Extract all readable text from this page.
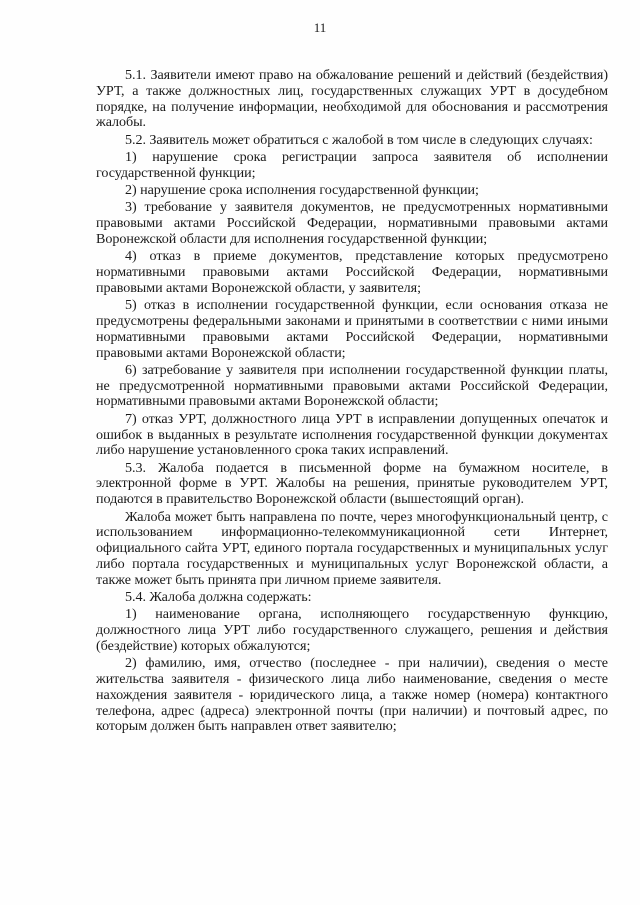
11

5.1. Заявители имеют право на обжалование решений и действий (бездействия) УРТ, а также должностных лиц, государственных служащих УРТ в досудебном порядке, на получение информации, необходимой для обоснования и рассмотрения жалобы.

5.2. Заявитель может обратиться с жалобой в том числе в следующих случаях:

1) нарушение срока регистрации запроса заявителя об исполнении государственной функции;

2) нарушение срока исполнения государственной функции;

3) требование у заявителя документов, не предусмотренных нормативными правовыми актами Российской Федерации, нормативными правовыми актами Воронежской области для исполнения государственной функции;

4) отказ в приеме документов, представление которых предусмотрено нормативными правовыми актами Российской Федерации, нормативными правовыми актами Воронежской области, у заявителя;

5) отказ в исполнении государственной функции, если основания отказа не предусмотрены федеральными законами и принятыми в соответствии с ними иными нормативными правовыми актами Российской Федерации, нормативными правовыми актами Воронежской области;

6) затребование у заявителя при исполнении государственной функции платы, не предусмотренной нормативными правовыми актами Российской Федерации, нормативными правовыми актами Воронежской области;

7) отказ УРТ, должностного лица УРТ в исправлении допущенных опечаток и ошибок в выданных в результате исполнения государственной функции документах либо нарушение установленного срока таких исправлений.

5.3. Жалоба подается в письменной форме на бумажном носителе, в электронной форме в УРТ. Жалобы на решения, принятые руководителем УРТ, подаются в правительство Воронежской области (вышестоящий орган).

Жалоба может быть направлена по почте, через многофункциональный центр, с использованием информационно-телекоммуникационной сети Интернет, официального сайта УРТ, единого портала государственных и муниципальных услуг либо портала государственных и муниципальных услуг Воронежской области, а также может быть принята при личном приеме заявителя.

5.4. Жалоба должна содержать:

1) наименование органа, исполняющего государственную функцию, должностного лица УРТ либо государственного служащего, решения и действия (бездействие) которых обжалуются;

2) фамилию, имя, отчество (последнее - при наличии), сведения о месте жительства заявителя - физического лица либо наименование, сведения о месте нахождения заявителя - юридического лица, а также номер (номера) контактного телефона, адрес (адреса) электронной почты (при наличии) и почтовый адрес, по которым должен быть направлен ответ заявителю;
